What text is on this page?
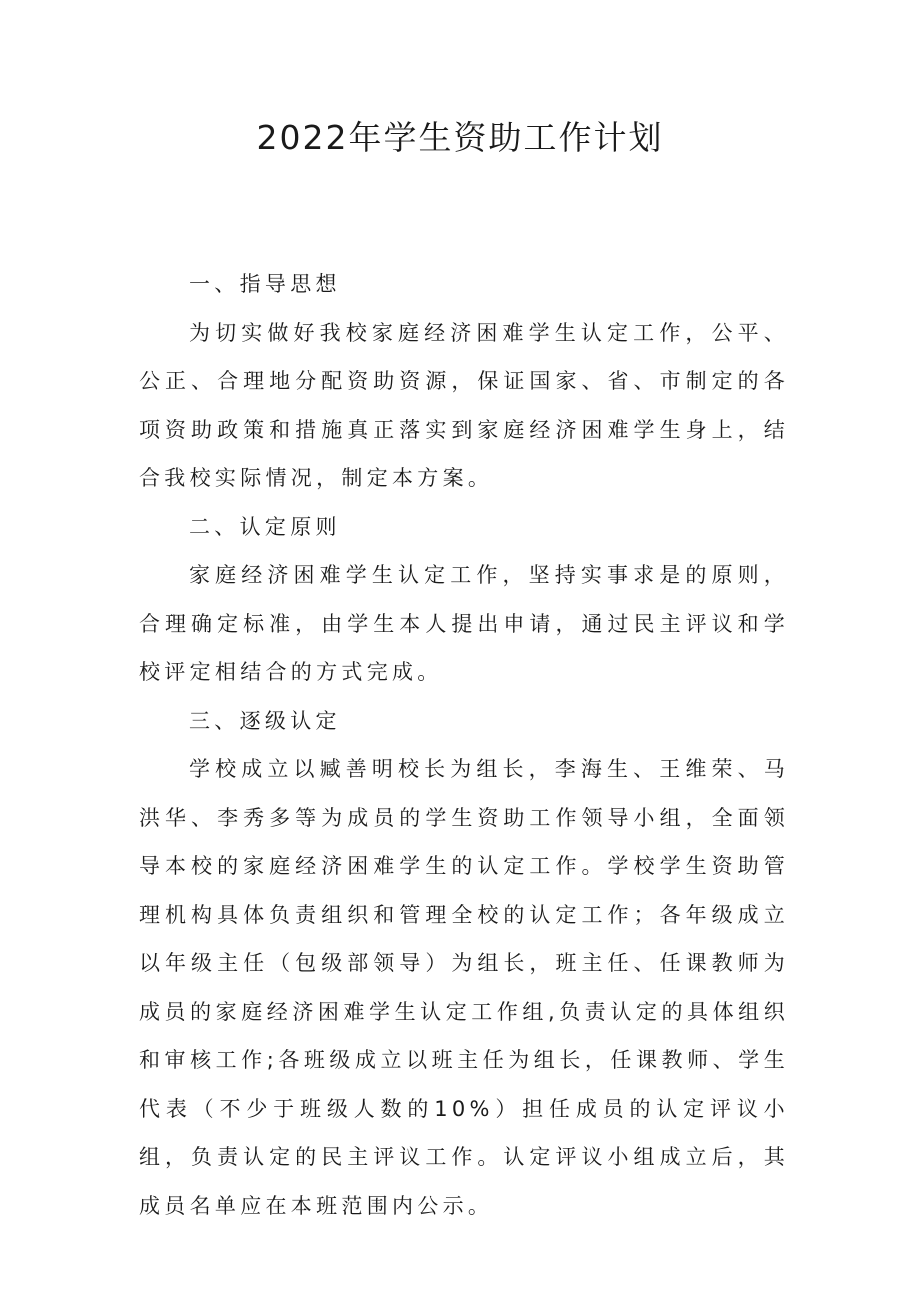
2022年学生资助工作计划
一、指导思想

为切实做好我校家庭经济困难学生认定工作，公平、公正、合理地分配资助资源，保证国家、省、市制定的各项资助政策和措施真正落实到家庭经济困难学生身上，结合我校实际情况，制定本方案。

二、认定原则

家庭经济困难学生认定工作，坚持实事求是的原则，合理确定标准，由学生本人提出申请，通过民主评议和学校评定相结合的方式完成。

三、逐级认定

学校成立以臧善明校长为组长，李海生、王维荣、马洪华、李秀多等为成员的学生资助工作领导小组，全面领导本校的家庭经济困难学生的认定工作。学校学生资助管理机构具体负责组织和管理全校的认定工作；各年级成立以年级主任（包级部领导）为组长，班主任、任课教师为成员的家庭经济困难学生认定工作组,负责认定的具体组织和审核工作;各班级成立以班主任为组长，任课教师、学生代表（不少于班级人数的10%）担任成员的认定评议小组，负责认定的民主评议工作。认定评议小组成立后，其成员名单应在本班范围内公示。
